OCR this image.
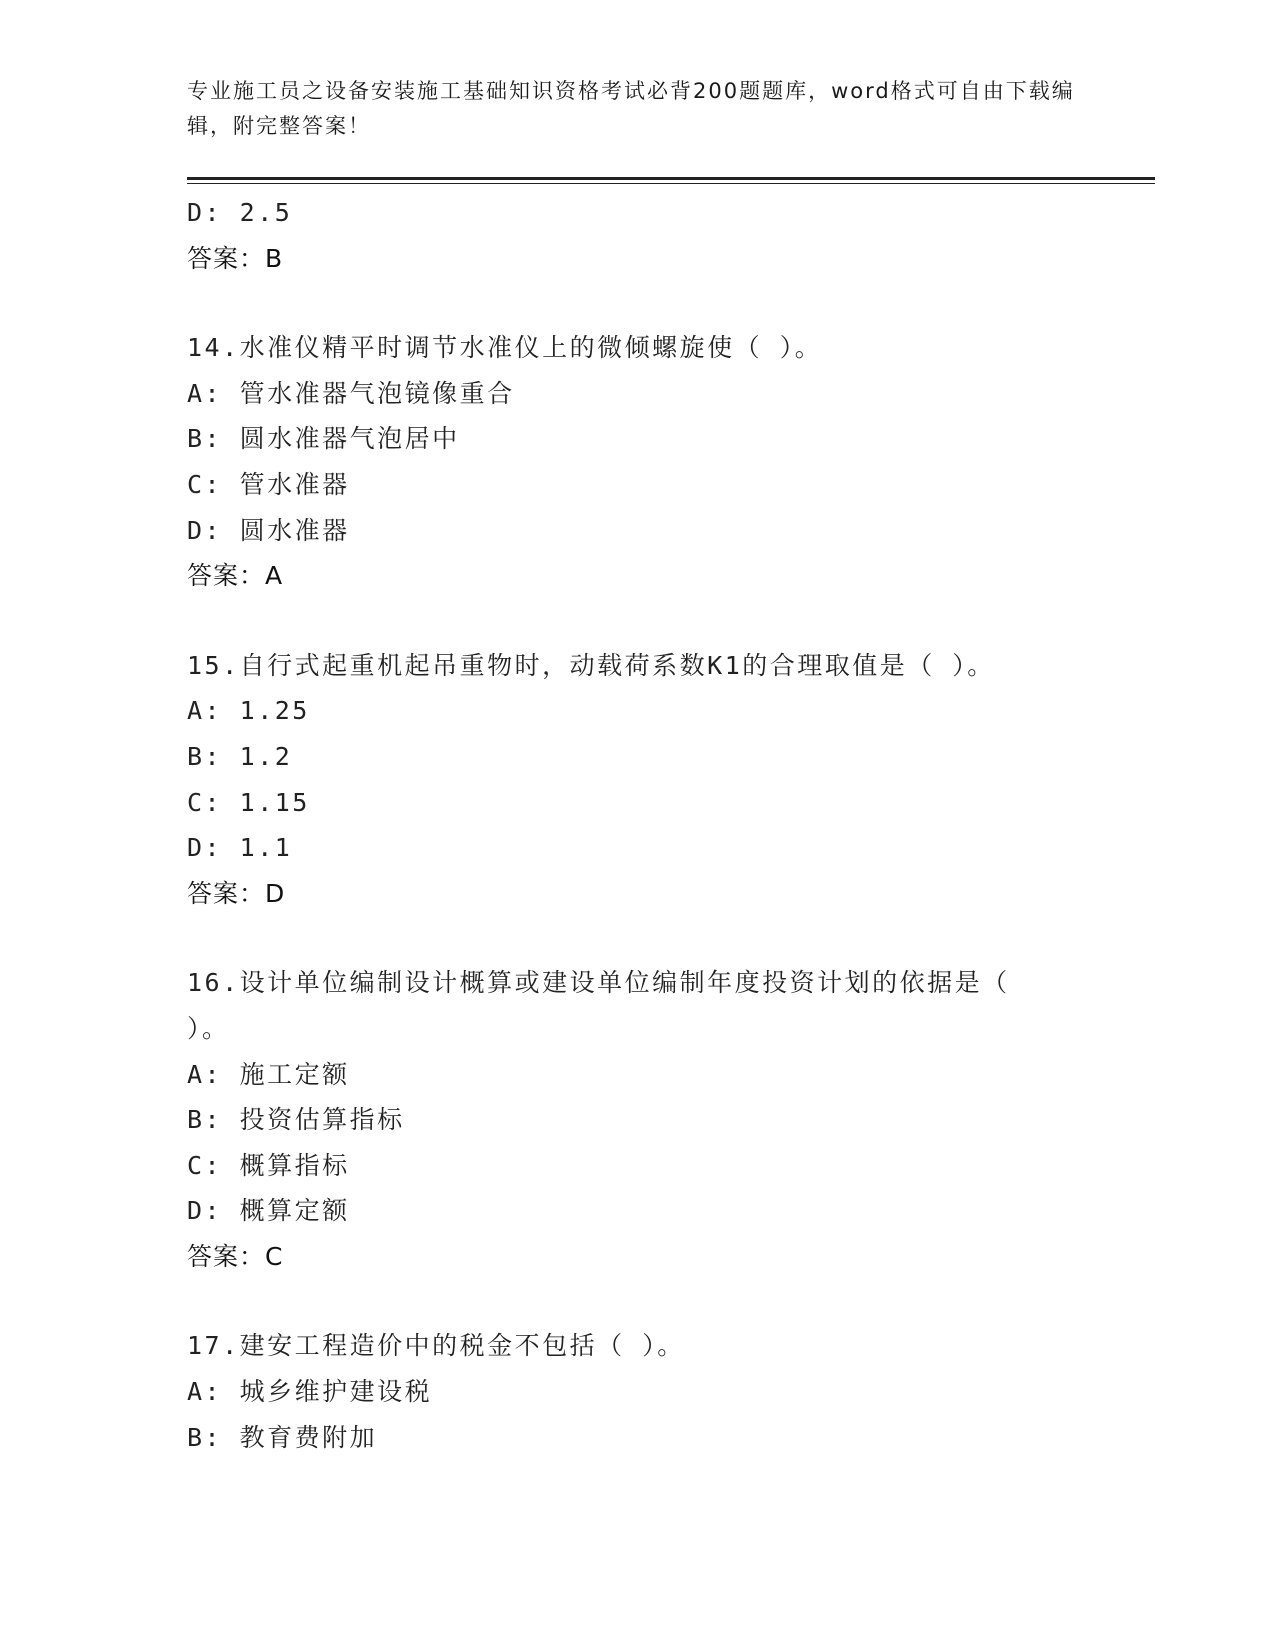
专业施工员之设备安装施工基础知识资格考试必背200题题库，word格式可自由下载编辑，附完整答案！
D: 2.5
答案：B
14.水准仪精平时调节水准仪上的微倾螺旋使（ ）。
A: 管水准器气泡镜像重合
B: 圆水准器气泡居中
C: 管水准器
D: 圆水准器
答案：A
15.自行式起重机起吊重物时，动载荷系数K1的合理取值是（ ）。
A: 1.25
B: 1.2
C: 1.15
D: 1.1
答案：D
16.设计单位编制设计概算或建设单位编制年度投资计划的依据是（ ）。
A: 施工定额
B: 投资估算指标
C: 概算指标
D: 概算定额
答案：C
17.建安工程造价中的税金不包括（ ）。
A: 城乡维护建设税
B: 教育费附加
